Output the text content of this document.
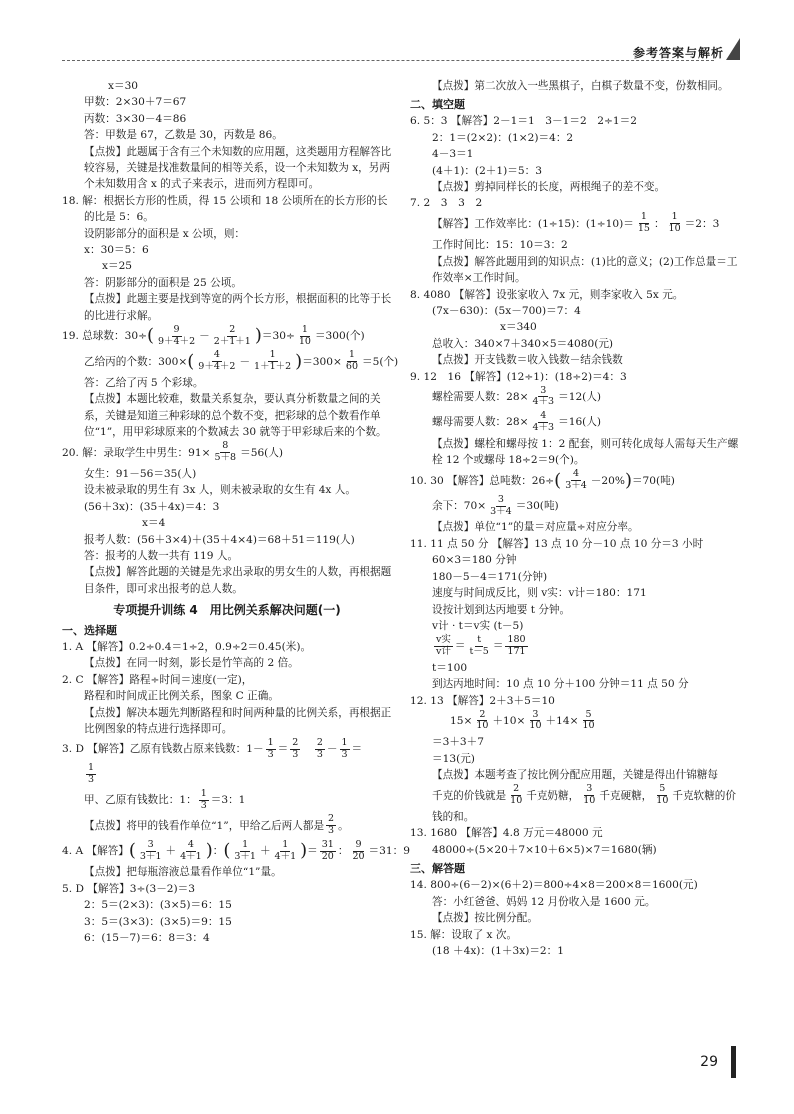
参考答案与解析
x＝30
甲数：2×30＋7＝67
丙数：3×30－4＝86
答：甲数是 67，乙数是 30，丙数是 86。
【点拨】此题属于含有三个未知数的应用题，这类题用方程解答比较容易，关键是找准数量间的相等关系，设一个未知数为 x，另两个未知数用含 x 的式子来表示，进而列方程即可。
18. 解：根据长方形的性质，得 15 公顷和 18 公顷所在的长方形的长的比是 5：6。
设阴影部分的面积是 x 公顷，则：
x：30＝5：6
x＝25
答：阴影部分的面积是 25 公顷。
【点拨】此题主要是找到等宽的两个长方形，根据面积的比等于长的比进行求解。
19. 总球数：$30\div( \frac{9}{9+4+2} - \frac{2}{2+1+1} )=30\div \frac{1}{10} =300$(个)
乙给丙的个数：$300\times( \frac{4}{9+4+2} - \frac{1}{1+1+2} )=300\times \frac{1}{60} =5$(个)
答：乙给了丙 5 个彩球。
【点拨】本题比较难，数量关系复杂，要认真分析数量之间的关系，关键是知道三种彩球的总个数不变，把彩球的总个数看作单位“1”，用甲彩球原来的个数减去 30 就等于甲彩球后来的个数。
20. 解：录取学生中男生：$91\times \frac{8}{5+8} =56$(人)
女生：91－56＝35(人)
设未被录取的男生有 3x 人，则未被录取的女生有 4x 人。
(56＋3x)：(35＋4x)＝4：3
x＝4
报考人数：(56＋3×4)＋(35＋4×4)＝68＋51＝119(人)
答：报考的人数一共有 119 人。
【点拨】解答此题的关键是先求出录取的男女生的人数，再根据题目条件，即可求出报考的总人数。
专项提升训练 4　用比例关系解决问题(一)
一、选择题
1. A 【解答】0.2÷0.4＝1÷2，0.9÷2＝0.45(米)。
【点拨】在同一时刻，影长是竹竿高的 2 倍。
2. C 【解答】路程÷时间＝速度(一定)，
路程和时间成正比例关系，图象 C 正确。
【点拨】解决本题先判断路程和时间两种量的比例关系，再根据正比例图象的特点进行选择即可。
3. D 【解答】乙原有钱数占原来钱数：$1- \frac{1}{3} = \frac{2}{3}$
　 $\frac{2}{3} - \frac{1}{3}$ ＝
$\frac{1}{3}$
甲、乙原有钱数比：1： $\frac{1}{3} =3$：1
【点拨】将甲的钱看作单位“1”，甲给乙后两人都是 $\frac{2}{3}$ 。
4. A 【解答】( $\frac{3}{3+1} + \frac{4}{4+1}$ )：( $\frac{1}{3+1} + \frac{1}{4+1}$ )＝ $\frac{31}{20}$ ： $\frac{9}{20} =31$：9
【点拨】把每瓶溶液总量看作单位“1”量。
5. D 【解答】3÷(3－2)＝3
2：5＝(2×3)：(3×5)＝6：15
3：5＝(3×3)：(3×5)＝9：15
6：(15－7)＝6：8＝3：4
【点拨】第二次放入一些黑棋子，白棋子数量不变，份数相同。
二、填空题
6. 5：3 【解答】2－1＝1　3－1＝2　2÷1＝2
2：1＝(2×2)：(1×2)＝4：2
4－3＝1
(4＋1)：(2＋1)＝5：3
【点拨】剪掉同样长的长度，两根绳子的差不变。
7. 2　3　3　2
【解答】工作效率比：(1÷15)：$(1\div 10)= \frac{1}{15}$ ： $\frac{1}{10} =2$：3
工作时间比：15：10＝3：2
【点拨】解答此题用到的知识点：(1)比的意义；(2)工作总量＝工作效率×工作时间。
8. 4080 【解答】设张家收入 7x 元，则李家收入 5x 元。
(7x－630)：(5x－700)＝7：4
x＝340
总收入：340×7＋340×5＝4080(元)
【点拨】开支钱数＝收入钱数－结余钱数
9. 12　16 【解答】(12÷1)：(18÷2)＝4：3
螺栓需要人数：$28\times \frac{3}{4+3} =12$(人)
螺母需要人数：$28\times \frac{4}{4+3} =16$(人)
【点拨】螺栓和螺母按 1：2 配套，则可转化成每人需每天生产螺栓 12 个或螺母 18÷2＝9(个)。
10. 30 【解答】总吨数：$26\div( \frac{4}{3+4} -20\%)=70$(吨)
余下：$70\times \frac{3}{3+4} =30$(吨)
【点拨】单位“1”的量＝对应量÷对应分率。
11. 11 点 50 分 【解答】13 点 10 分－10 点 10 分＝3 小时
60×3＝180 分钟
180－5－4＝171(分钟)
速度与时间成反比，则 v实：v计＝180：171
设按计划到达丙地要 t 分钟。
v计 · t＝v实 (t－5)
$\frac{\text{v实}}{\text{v计}} = \frac{t}{t-5} = \frac{180}{171}$
t＝100
到达丙地时间：10 点 10 分＋100 分钟＝11 点 50 分
12. 13 【解答】2＋3＋5＝10
$15\times \frac{2}{10} +10\times \frac{3}{10} +14\times \frac{5}{10}$
＝3＋3＋7
＝13(元)
【点拨】本题考查了按比例分配应用题，关键是得出什锦糖每
千克的价钱就是 $\frac{2}{10}$ 千克奶糖， $\frac{3}{10}$ 千克硬糖， $\frac{5}{10}$ 千克软糖的价
钱的和。
13. 1680 【解答】4.8 万元＝48000 元
48000÷(5×20＋7×10＋6×5)×7＝1680(辆)
三、解答题
14. 800÷(6－2)×(6＋2)＝800÷4×8＝200×8＝1600(元)
答：小红爸爸、妈妈 12 月份收入是 1600 元。
【点拨】按比例分配。
15. 解：设取了 x 次。
(18 ＋4x)：(1＋3x)＝2：1
29
